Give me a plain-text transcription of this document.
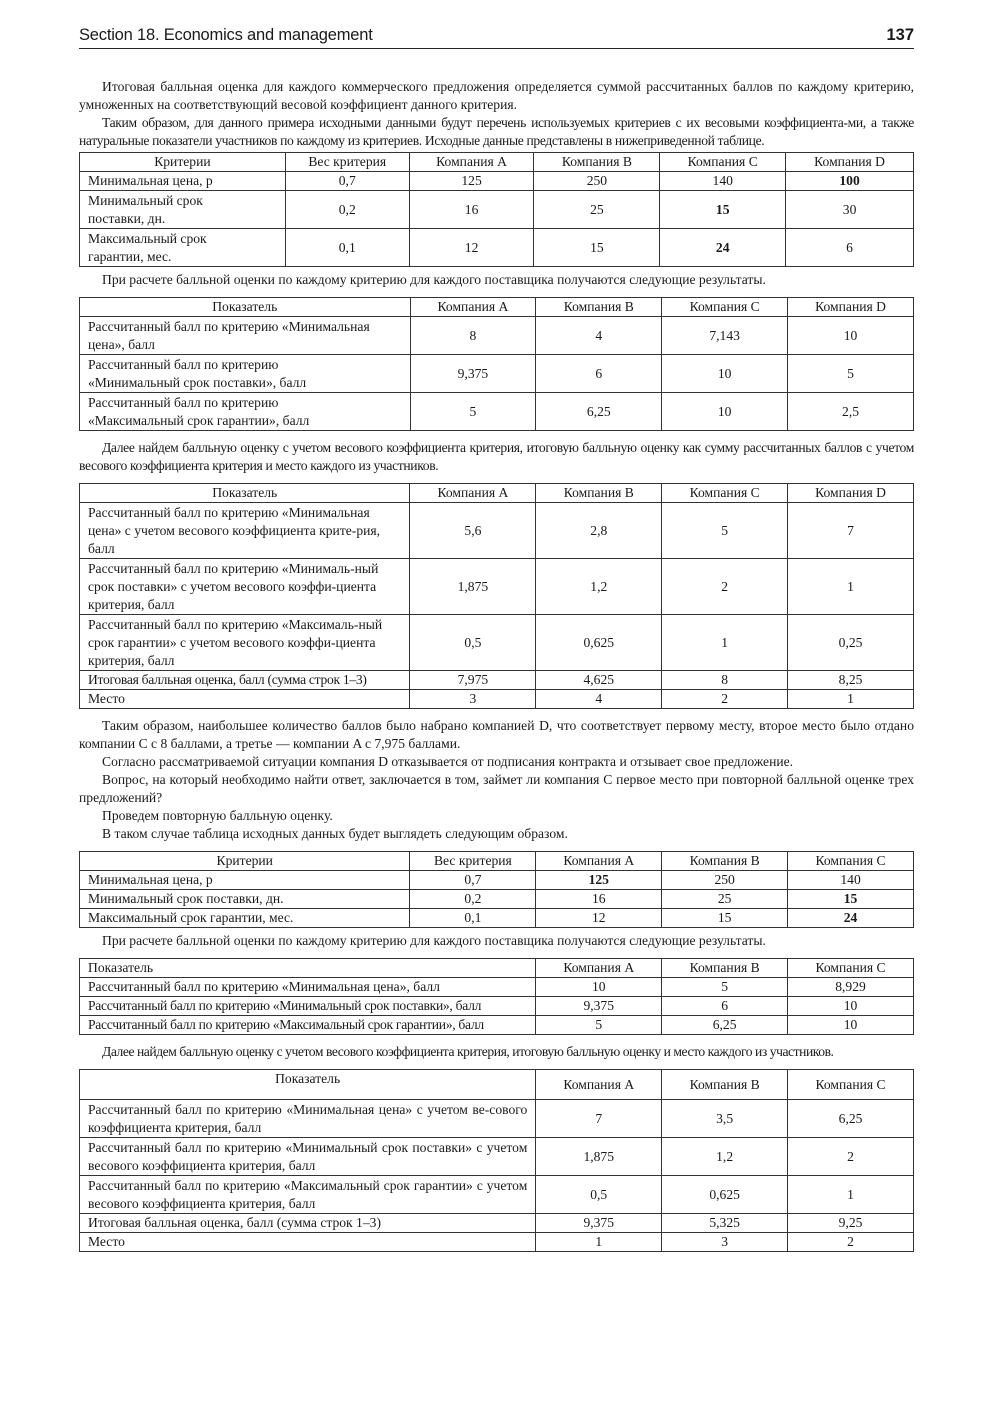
Section 18. Economics and management	137

Итоговая балльная оценка для каждого коммерческого предложения определяется суммой рассчитанных баллов по каждому критерию, умноженных на соответствующий весовой коэффициент данного критерия.

Таким образом, для данного примера исходными данными будут перечень используемых критериев с их весовыми коэффициента-ми, а также натуральные показатели участников по каждому из критериев. Исходные данные представлены в нижеприведенной таблице.

Критерии	Вес критерия	Компания A	Компания B	Компания C	Компания D
Минимальная цена, р	0,7	125	250	140	100
Минимальный срок поставки, дн.	0,2	16	25	15	30
Максимальный срок гарантии, мес.	0,1	12	15	24	6

При расчете балльной оценки по каждому критерию для каждого поставщика получаются следующие результаты.

Показатель	Компания A	Компания B	Компания C	Компания D
Рассчитанный балл по критерию «Минимальная цена», балл	8	4	7,143	10
Рассчитанный балл по критерию «Минимальный срок поставки», балл	9,375	6	10	5
Рассчитанный балл по критерию «Максимальный срок гарантии», балл	5	6,25	10	2,5

Далее найдем балльную оценку с учетом весового коэффициента критерия, итоговую балльную оценку как сумму рассчитанных баллов с учетом весового коэффициента критерия и место каждого из участников.

Показатель	Компания A	Компания B	Компания C	Компания D
Рассчитанный балл по критерию «Минимальная цена» с учетом весового коэффициента крите-рия, балл	5,6	2,8	5	7
Рассчитанный балл по критерию «Минималь-ный срок поставки» с учетом весового коэффи-циента критерия, балл	1,875	1,2	2	1
Рассчитанный балл по критерию «Максималь-ный срок гарантии» с учетом весового коэффи-циента критерия, балл	0,5	0,625	1	0,25
Итоговая балльная оценка, балл (сумма строк 1–3)	7,975	4,625	8	8,25
Место	3	4	2	1

Таким образом, наибольшее количество баллов было набрано компанией D, что соответствует первому месту, второе место было отдано компании C с 8 баллами, а третье — компании A с 7,975 баллами.

Согласно рассматриваемой ситуации компания D отказывается от подписания контракта и отзывает свое предложение.

Вопрос, на который необходимо найти ответ, заключается в том, займет ли компания C первое место при повторной балльной оценке трех предложений?

Проведем повторную балльную оценку.

В таком случае таблица исходных данных будет выглядеть следующим образом.

Критерии	Вес критерия	Компания A	Компания B	Компания C
Минимальная цена, р	0,7	125	250	140
Минимальный срок поставки, дн.	0,2	16	25	15
Максимальный срок гарантии, мес.	0,1	12	15	24

При расчете балльной оценки по каждому критерию для каждого поставщика получаются следующие результаты.

Показатель	Компания A	Компания B	Компания C
Рассчитанный балл по критерию «Минимальная цена», балл	10	5	8,929
Рассчитанный балл по критерию «Минимальный срок поставки», балл	9,375	6	10
Рассчитанный балл по критерию «Максимальный срок гарантии», балл	5	6,25	10

Далее найдем балльную оценку с учетом весового коэффициента критерия, итоговую балльную оценку и место каждого из участников.

Показатель	Компания A	Компания B	Компания C
Рассчитанный балл по критерию «Минимальная цена» с учетом ве-сового коэффициента критерия, балл	7	3,5	6,25
Рассчитанный балл по критерию «Минимальный срок поставки» с учетом весового коэффициента критерия, балл	1,875	1,2	2
Рассчитанный балл по критерию «Максимальный срок гарантии» с учетом весового коэффициента критерия, балл	0,5	0,625	1
Итоговая балльная оценка, балл (сумма строк 1–3)	9,375	5,325	9,25
Место	1	3	2
